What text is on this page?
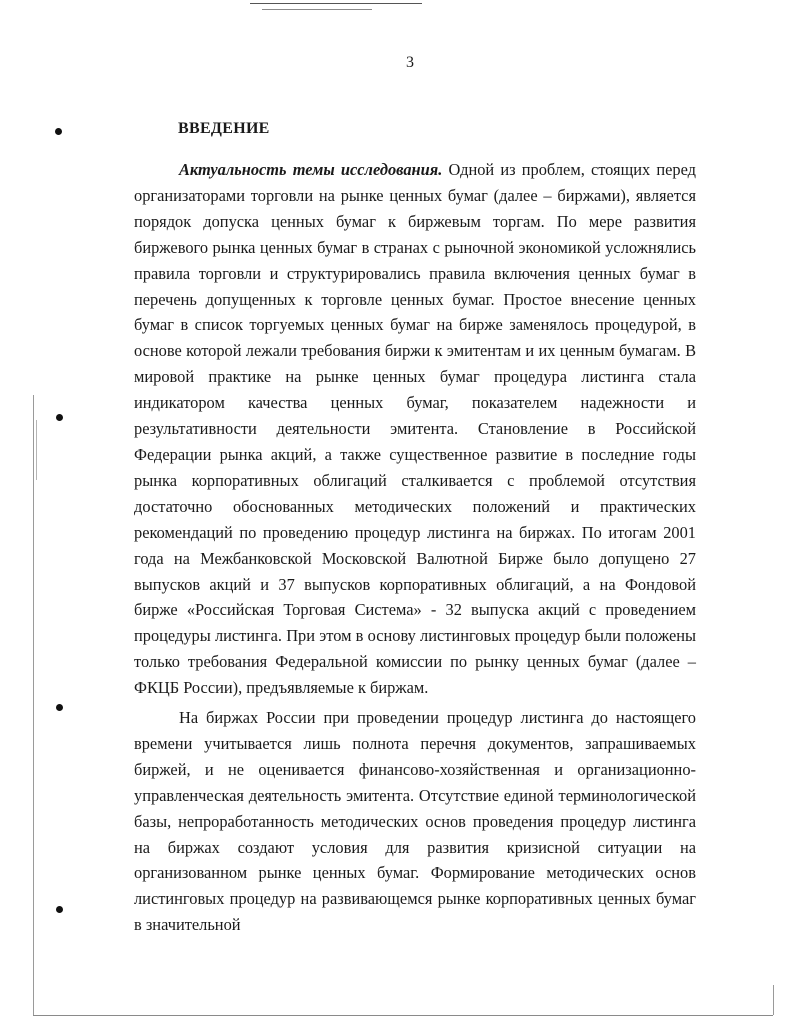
3
ВВЕДЕНИЕ

Актуальность темы исследования. Одной из проблем, стоящих перед организаторами торговли на рынке ценных бумаг (далее – биржами), является порядок допуска ценных бумаг к биржевым торгам. По мере развития биржевого рынка ценных бумаг в странах с рыночной экономикой усложнялись правила торговли и структурировались правила включения ценных бумаг в перечень допущенных к торговле ценных бумаг. Простое внесение ценных бумаг в список торгуемых ценных бумаг на бирже заменялось процедурой, в основе которой лежали требования биржи к эмитентам и их ценным бумагам. В мировой практике на рынке ценных бумаг процедура листинга стала индикатором качества ценных бумаг, показателем надежности и результативности деятельности эмитента. Становление в Российской Федерации рынка акций, а также существенное развитие в последние годы рынка корпоративных облигаций сталкивается с проблемой отсутствия достаточно обоснованных методических положений и практических рекомендаций по проведению процедур листинга на биржах. По итогам 2001 года на Межбанковской Московской Валютной Бирже было допущено 27 выпусков акций и 37 выпусков корпоративных облигаций, а на Фондовой бирже «Российская Торговая Система» - 32 выпуска акций с проведением процедуры листинга. При этом в основу листинговых процедур были положены только требования Федеральной комиссии по рынку ценных бумаг (далее – ФКЦБ России), предъявляемые к биржам.

На биржах России при проведении процедур листинга до настоящего времени учитывается лишь полнота перечня документов, запрашиваемых биржей, и не оценивается финансово-хозяйственная и организационно-управленческая деятельность эмитента. Отсутствие единой терминологической базы, непроработанность методических основ проведения процедур листинга на биржах создают условия для развития кризисной ситуации на организованном рынке ценных бумаг. Формирование методических основ листинговых процедур на развивающемся рынке корпоративных ценных бумаг в значительной
